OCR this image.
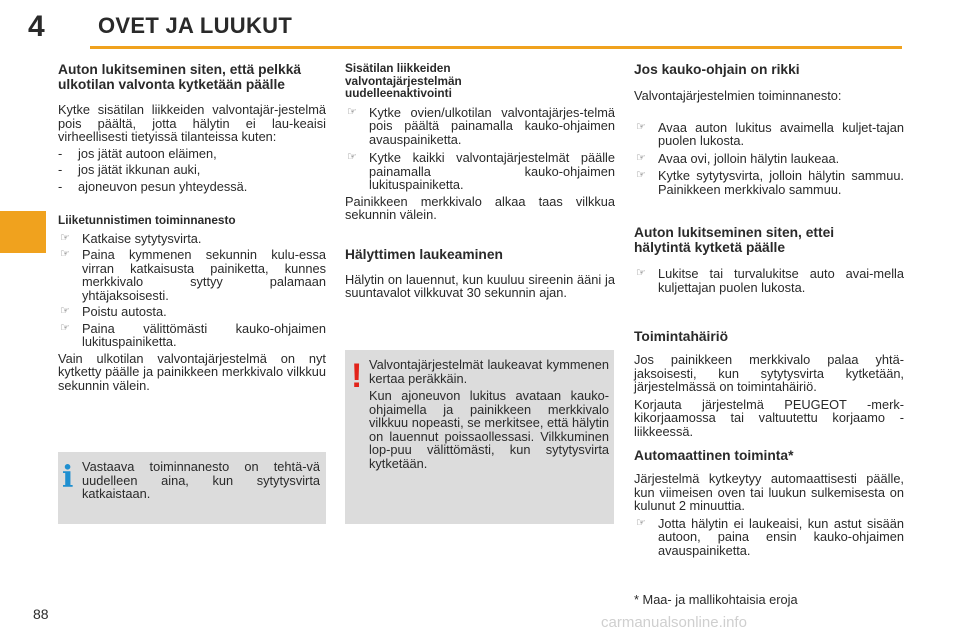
4 OVET JA LUUKUT
88
Auton lukitseminen siten, että pelkkä ulkotilan valvonta kytketään päälle

Kytke sisätilan liikkeiden valvontajär-jestelmä pois päältä, jotta hälytin ei lau-keaisi virheellisesti tietyissä tilanteissa kuten:

-	jos jätät autoon eläimen,
-	jos jätät ikkunan auki,
-	ajoneuvon pesun yhteydessä.
Liiketunnistimen toiminnanesto
☞ Katkaise sytytysvirta.
☞ Paina kymmenen sekunnin kulu-essa virran katkaisusta painiketta, kunnes merkkivalo syttyy palamaan yhtäjaksoisesti.
☞ Poistu autosta.
☞ Paina välittömästi kauko-ohjaimen lukituspainiketta.

Vain ulkotilan valvontajärjestelmä on nyt kytketty päälle ja painikkeen merkkivalo vilkkuu sekunnin välein.

i Vastaava toiminnanesto on tehtä-vä uudelleen aina, kun sytytysvirta katkaistaan.
Sisätilan liikkeiden valvontajärjestelmän uudelleenaktivointi
☞ Kytke ovien/ulkotilan valvontajärjes-telmä pois päältä painamalla kauko-ohjaimen avauspainiketta.
☞ Kytke kaikki valvontajärjestelmät päälle painamalla kauko-ohjaimen lukituspainiketta.

Painikkeen merkkivalo alkaa taas vilkkua sekunnin välein.

Hälyttimen laukeaminen

Hälytin on lauennut, kun kuuluu sireenin ääni ja suuntavalot vilkkuvat 30 sekunnin ajan.

! Valvontajärjestelmät laukeavat kymmenen kertaa peräkkäin.

Kun ajoneuvon lukitus avataan kauko-ohjaimella ja painikkeen merkkivalo vilkkuu nopeasti, se merkitsee, että hälytin on lauennut poissaollessasi. Vilkkuminen lop-puu välittömästi, kun sytytysvirta kytketään.

Jos kauko-ohjain on rikki

Valvontajärjestelmien toiminnanesto:

☞ Avaa auton lukitus avaimella kuljet-tajan puolen lukosta.
☞ Avaa ovi, jolloin hälytin laukeaa.
☞ Kytke sytytysvirta, jolloin hälytin sammuu. Painikkeen merkkivalo sammuu.
Auton lukitseminen siten, ettei hälytintä kytketä päälle
☞ Lukitse tai turvalukitse auto avai-mella kuljettajan puolen lukosta.
Toimintahäiriö

Jos painikkeen merkkivalo palaa yhtä-jaksoisesti, kun sytytysvirta kytketään, järjestelmässä on toimintahäiriö.

Korjauta järjestelmä PEUGEOT -merk-kikorjaamossa tai valtuutettu korjaamo -liikkeessä.

Automaattinen toiminta*

Järjestelmä kytkeytyy automaattisesti päälle, kun viimeisen oven tai luukun sulkemisesta on kulunut 2 minuuttia.

☞ Jotta hälytin ei laukeaisi, kun astut sisään autoon, paina ensin kauko-ohjaimen avauspainiketta.
* Maa- ja mallikohtaisia eroja
carmanualsonline.info
